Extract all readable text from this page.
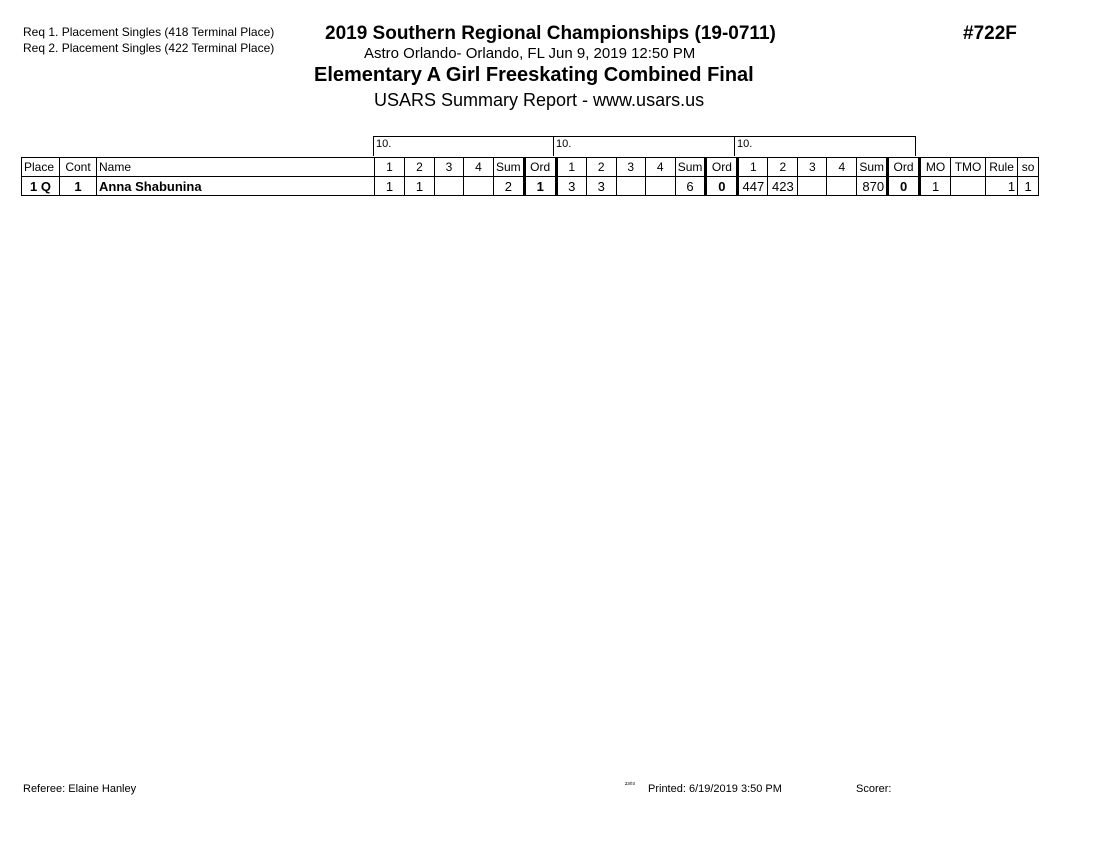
Req 1. Placement Singles (418 Terminal Place)
Req 2. Placement Singles (422 Terminal Place)
2019 Southern Regional Championships (19-0711)
Astro Orlando- Orlando, FL Jun 9, 2019 12:50 PM
Elementary A Girl Freeskating Combined Final
USARS Summary Report - www.usars.us
#722F
10.	10.	10.
Place	Cont	Name	1	2	3	4	Sum	Ord	1	2	3	4	Sum	Ord	1	2	3	4	Sum	Ord	MO	TMO	Rule	so
1 Q	1	Anna Shabunina	1	1			2	1	3	3			6	0	447	423			870	0	1		1	1
Referee: Elaine Hanley	²³⁰³ Printed: 6/19/2019 3:50 PM	Scorer:
